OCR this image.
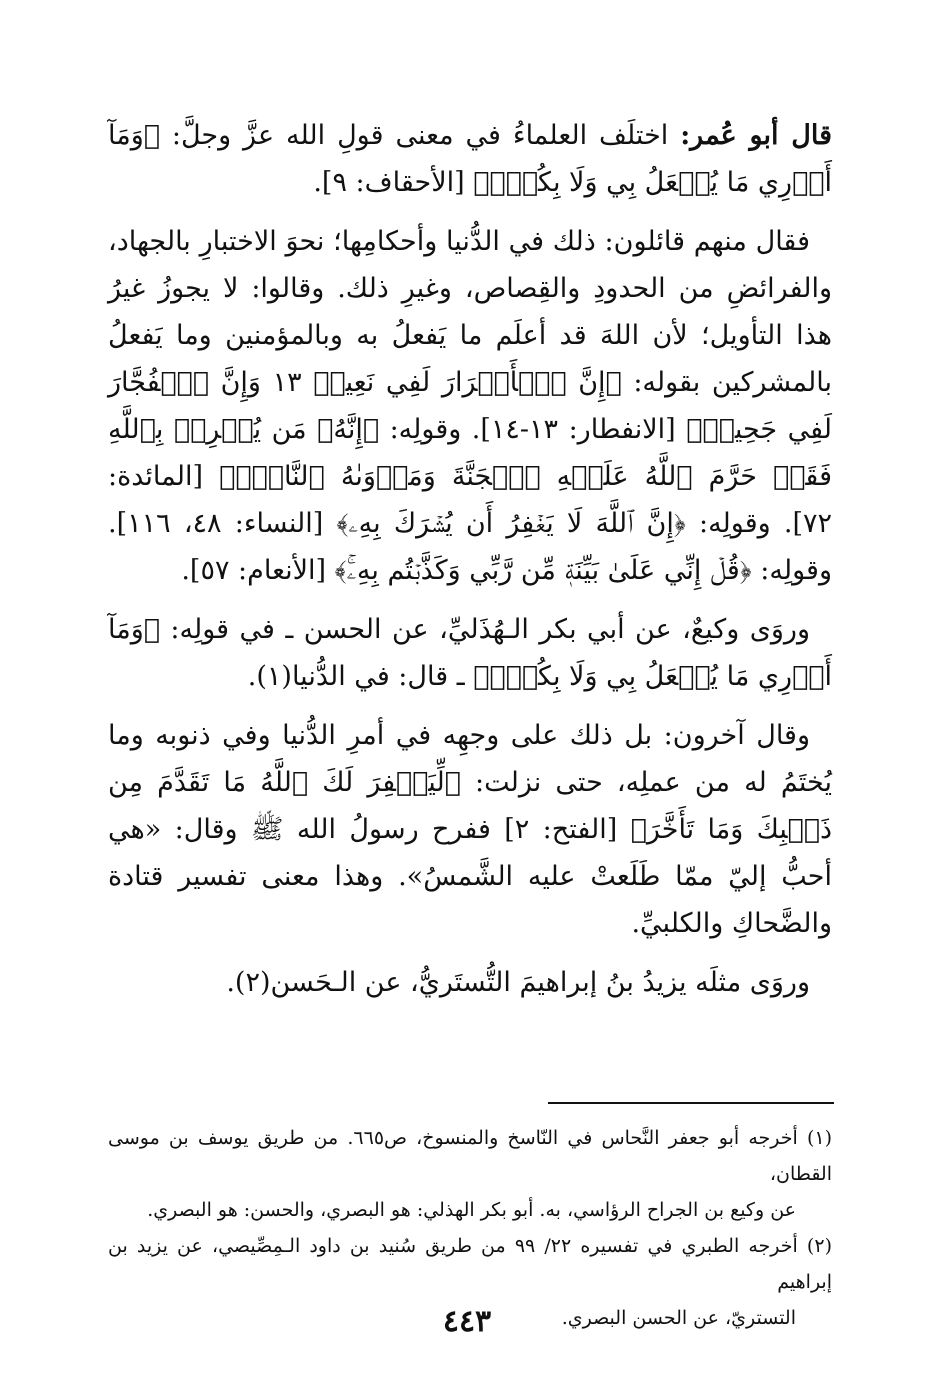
قال أبو عُمر: اختلَف العلماءُ في معنى قولِ الله عزَّ وجلَّ: ﴿وَمَآ أَدۡرِي مَا يُفۡعَلُ بِي وَلَا بِكُمۡۖ﴾ [الأحقاف: ٩].

فقال منهم قائلون: ذلك في الدُّنيا وأحكامِها؛ نحوَ الاختبارِ بالجهاد، والفرائضِ من الحدودِ والقِصاص، وغيرِ ذلك. وقالوا: لا يجوزُ غيرُ هذا التأويل؛ لأن اللهَ قد أعلَم ما يَفعلُ به وبالمؤمنين وما يَفعلُ بالمشركين بقوله: ﴿إِنَّ ٱلۡأَبۡرَارَ لَفِي نَعِيمٖ ١٣ وَإِنَّ ٱلۡفُجَّارَ لَفِي جَحِيمٖ﴾ [الانفطار: ١٣-١٤]. وقولِه: ﴿إِنَّهُۥ مَن يُشۡرِكۡ بِٱللَّهِ فَقَدۡ حَرَّمَ ٱللَّهُ عَلَيۡهِ ٱلۡجَنَّةَ وَمَأۡوَىٰهُ ٱلنَّارُۖ﴾ [المائدة: ٧٢]. وقولِه: ﴿إِنَّ ٱللَّهَ لَا يَغۡفِرُ أَن يُشۡرَكَ بِهِۦ﴾ [النساء: ٤٨، ١١٦]. وقولِه: ﴿قُلۡ إِنِّي عَلَىٰ بَيِّنَةٖ مِّن رَّبِّي وَكَذَّبۡتُم بِهِۦۚ﴾ [الأنعام: ٥٧].

وروَى وكيعٌ، عن أبي بكر الـهُذَليِّ، عن الحسن ـ في قولِه: ﴿وَمَآ أَدۡرِي مَا يُفۡعَلُ بِي وَلَا بِكُمۡۖ﴾ ـ قال: في الدُّنيا(١).

وقال آخرون: بل ذلك على وجهِه في أمرِ الدُّنيا وفي ذنوبه وما يُختَمُ له من عملِه، حتى نزلت: ﴿لِّيَغۡفِرَ لَكَ ٱللَّهُ مَا تَقَدَّمَ مِن ذَنۢبِكَ وَمَا تَأَخَّرَ﴾ [الفتح: ٢] ففرح رسولُ الله ﷺ وقال: «هي أحبُّ إليّ ممّا طَلَعتْ عليه الشَّمسُ». وهذا معنى تفسير قتادة والضَّحاكِ والكلبيِّ.

وروَى مثلَه يزيدُ بنُ إبراهيمَ التُّستَريُّ، عن الـحَسن(٢).

(١) أخرجه أبو جعفر النَّحاس في النّاسخ والمنسوخ، ص٦٦٥. من طريق يوسف بن موسى القطان،

عن وكيع بن الجراح الرؤاسي، به. أبو بكر الهذلي: هو البصري، والحسن: هو البصري.

(٢) أخرجه الطبري في تفسيره ٢٢/ ٩٩ من طريق سُنيد بن داود الـمِصِّيصي، عن يزيد بن إبراهيم

التستريّ، عن الحسن البصري.

٤٤٣
